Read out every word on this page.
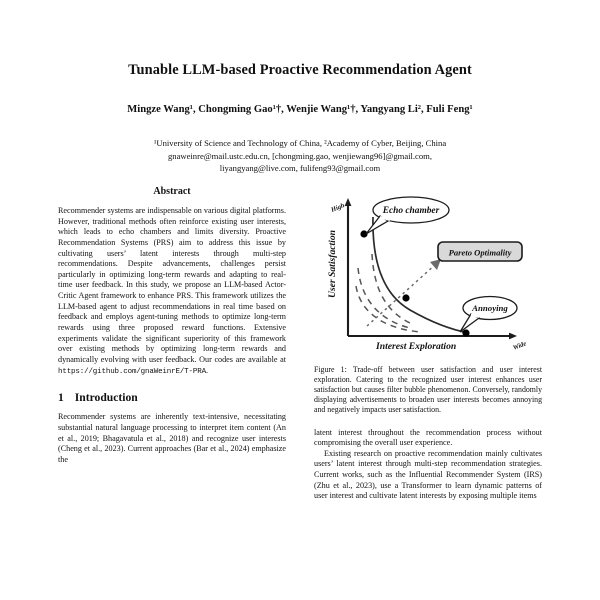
Tunable LLM-based Proactive Recommendation Agent
Mingze Wang¹, Chongming Gao¹†, Wenjie Wang¹†, Yangyang Li², Fuli Feng¹
¹University of Science and Technology of China, ²Academy of Cyber, Beijing, China
gnaweinre@mail.ustc.edu.cn, [chongming.gao, wenjiewang96]@gmail.com,
liyangyang@live.com, fulifeng93@gmail.com
Abstract

Recommender systems are indispensable on various digital platforms. However, traditional methods often reinforce existing user interests, which leads to echo chambers and limits diversity. Proactive Recommendation Systems (PRS) aim to address this issue by cultivating users’ latent interests through multi-step recommendations. Despite advancements, challenges persist particularly in optimizing long-term rewards and adapting to real-time user feedback. In this study, we propose an LLM-based Actor-Critic Agent framework to enhance PRS. This framework utilizes the LLM-based agent to adjust recommendations in real time based on feedback and employs agent-tuning methods to optimize long-term rewards using three proposed reward functions. Extensive experiments validate the significant superiority of this framework over existing methods by optimizing long-term rewards and dynamically evolving with user feedback. Our codes are available at https://github.com/gnaWeinrE/T-PRA.

1 Introduction

Recommender systems are inherently text-intensive, necessitating substantial natural language processing to interpret item content (An et al., 2019; Bhagavatula et al., 2018) and recognize user interests (Cheng et al., 2023). Current approaches (Bar et al., 2024) emphasize the

User Satisfaction
Interest Exploration
High
Wide
Echo chamber
Pareto Optimality
Annoying

Figure 1: Trade-off between user satisfaction and user interest exploration. Catering to the recognized user interest enhances user satisfaction but causes filter bubble phenomenon. Conversely, randomly displaying advertisements to broaden user interests becomes annoying and negatively impacts user satisfaction.

latent interest throughout the recommendation process without compromising the overall user experience.

Existing research on proactive recommendation mainly cultivates users’ latent interest through multi-step recommendation strategies. Current works, such as the Influential Recommender System (IRS) (Zhu et al., 2023), use a Transformer to learn dynamic patterns of user interest and cultivate latent interests by exposing multiple items
